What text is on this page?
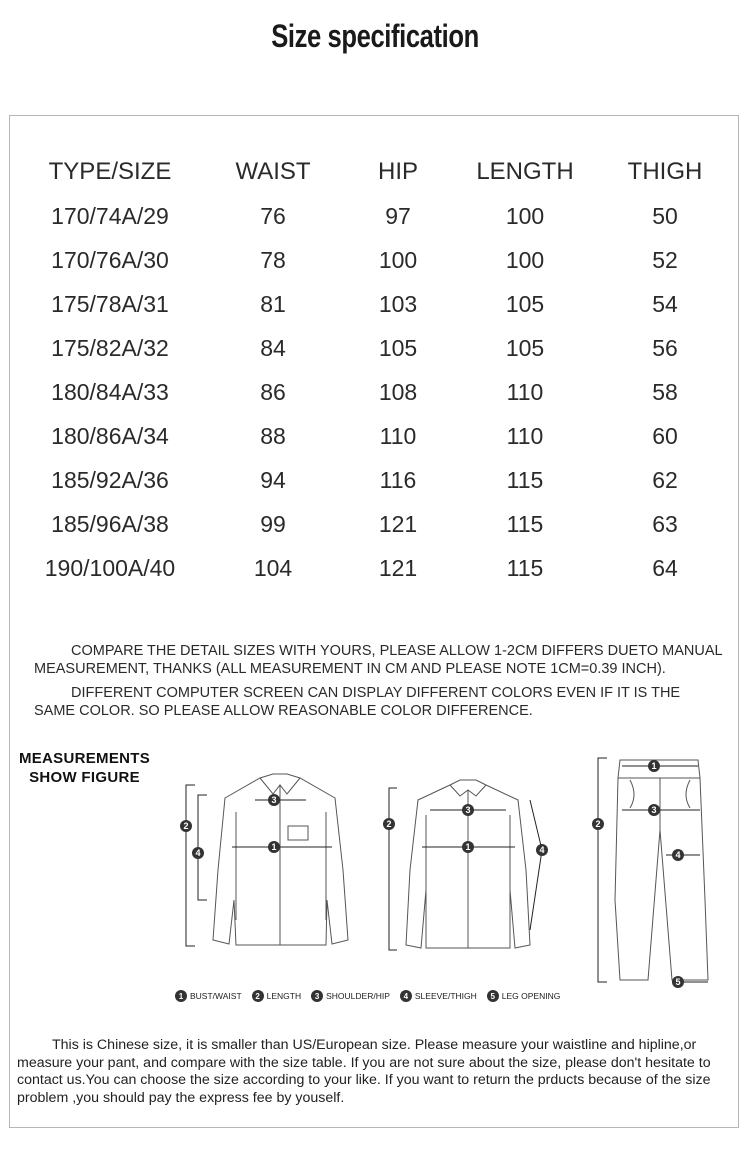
Size specification
TYPE/SIZE	WAIST	HIP	LENGTH	THIGH
170/74A/29	76	97	100	50
170/76A/30	78	100	100	52
175/78A/31	81	103	105	54
175/82A/32	84	105	105	56
180/84A/33	86	108	110	58
180/86A/34	88	110	110	60
185/92A/36	94	116	115	62
185/96A/38	99	121	115	63
190/100A/40	104	121	115	64

COMPARE THE DETAIL SIZES WITH YOURS, PLEASE ALLOW 1-2CM DIFFERS DUETO MANUAL MEASUREMENT, THANKS (ALL MEASUREMENT IN CM AND PLEASE NOTE 1CM=0.39 INCH).

DIFFERENT COMPUTER SCREEN CAN DISPLAY DIFFERENT COLORS EVEN IF IT IS THE SAME COLOR. SO PLEASE ALLOW REASONABLE COLOR DIFFERENCE.

MEASUREMENTS
SHOW FIGURE
1
2
3
4
1
2
3
4
1
2
3
4
5
1 BUST/WAIST	2 LENGTH	3 SHOULDER/HIP	4 SLEEVE/THIGH	5 LEG OPENING

This is Chinese size, it is smaller than US/European size. Please measure your waistline and hipline,or measure your pant, and compare with the size table. If you are not sure about the size, please don't hesitate to contact us.You can choose the size according to your like. If you want to return the prducts because of the size problem ,you should pay the express fee by youself.
